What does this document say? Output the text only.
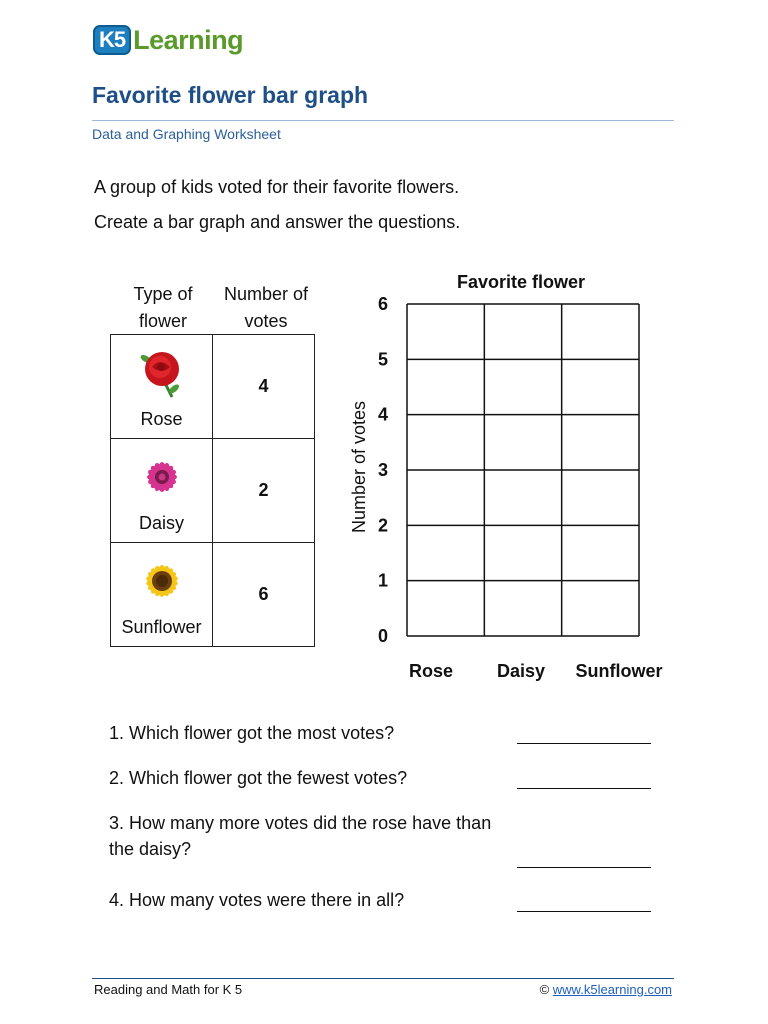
K5 Learning
Favorite flower bar graph
Data and Graphing Worksheet
A group of kids voted for their favorite flowers.
Create a bar graph and answer the questions.
Type of flower
Number of votes
Rose	4

Daisy	2

Sunflower	6
Favorite flower
Number of votes
0
1
2
3
4
5
6
Rose Daisy Sunflower
1. Which flower got the most votes?
2. Which flower got the fewest votes?
3. How many more votes did the rose have than the daisy?
4. How many votes were there in all?
Reading and Math for K 5	© www.k5learning.com
